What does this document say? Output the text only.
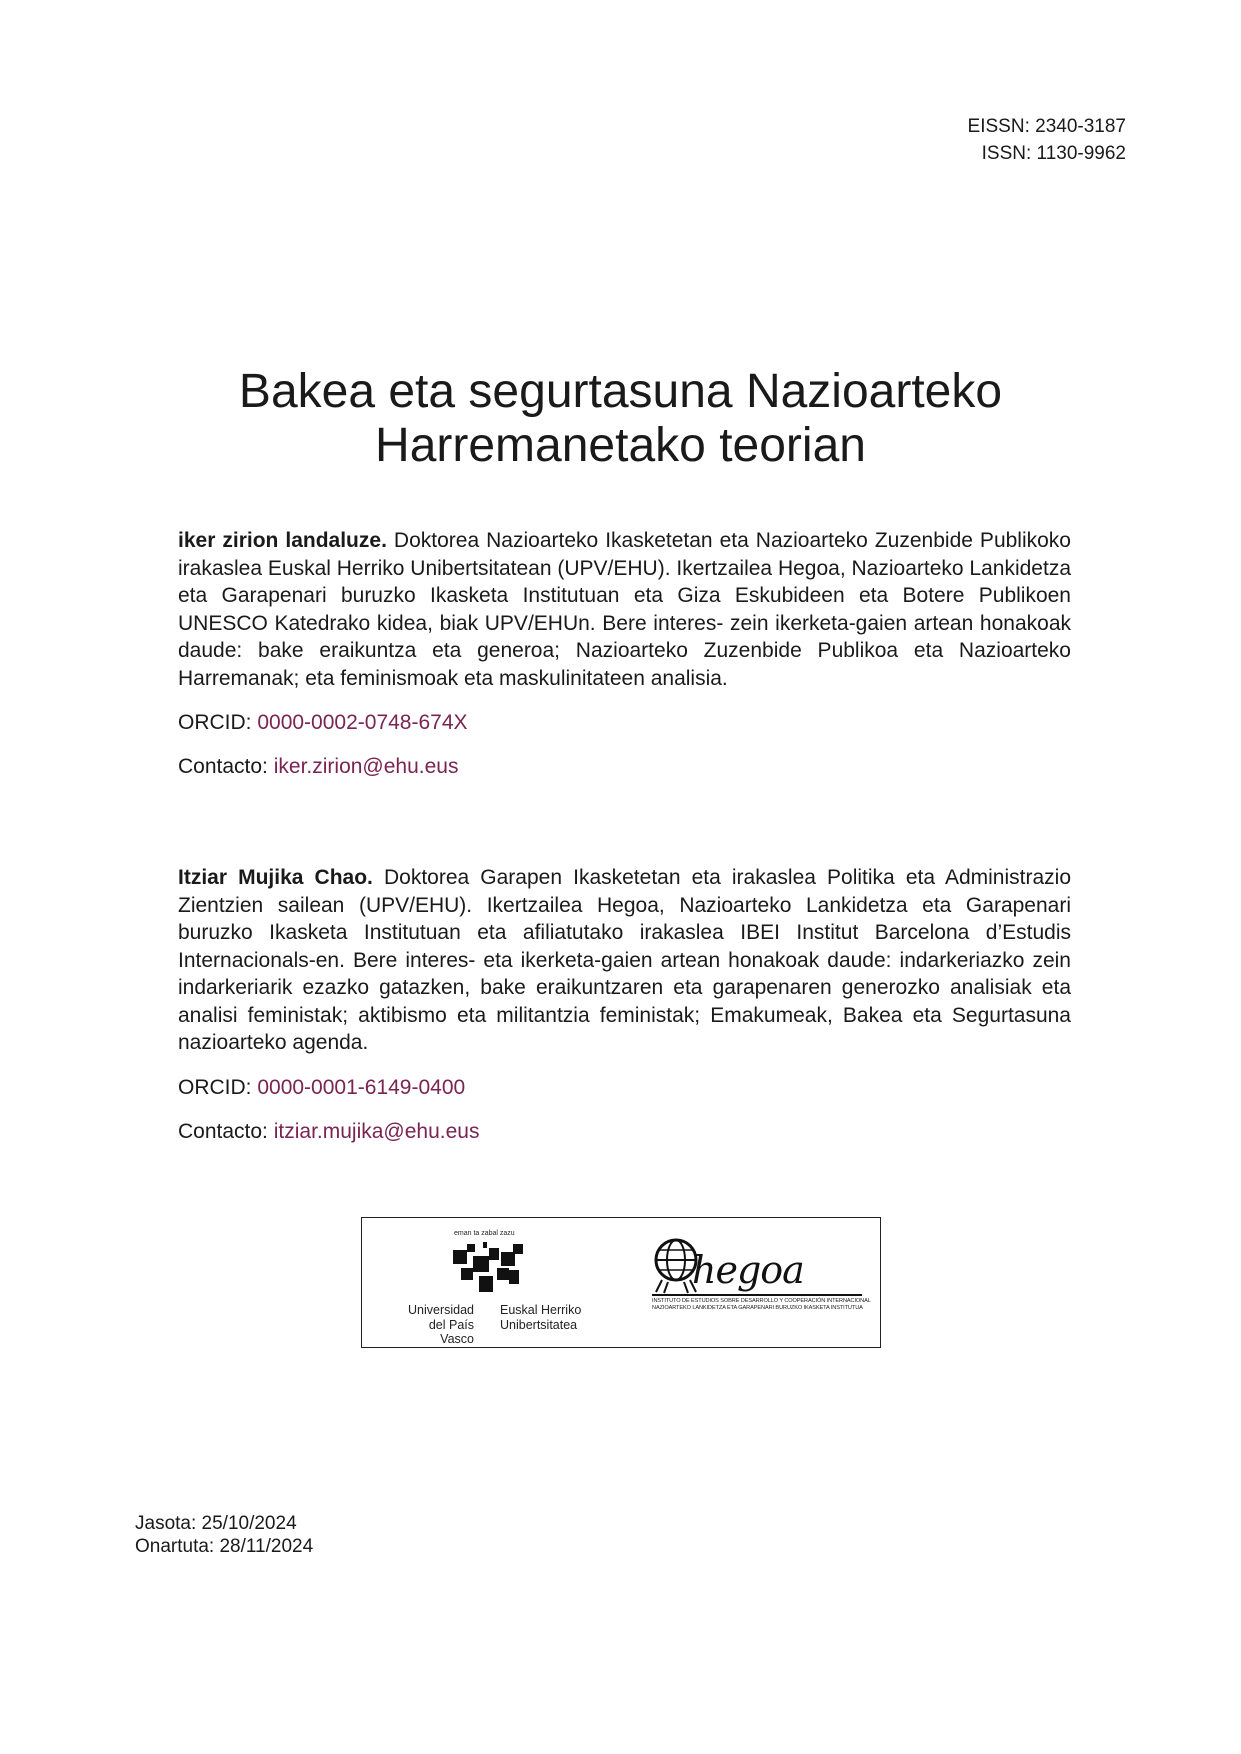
EISSN: 2340-3187
ISSN: 1130-9962
Bakea eta segurtasuna Nazioarteko
Harremanetako teorian

iker zirion landaluze. Doktorea Nazioarteko Ikasketetan eta Nazioarteko Zuzenbide Publikoko irakaslea Euskal Herriko Unibertsitatean (UPV/EHU). Ikertzailea Hegoa, Nazioarteko Lankidetza eta Garapenari buruzko Ikasketa Institutuan eta Giza Eskubideen eta Botere Publikoen UNESCO Katedrako kidea, biak UPV/EHUn. Bere interes- zein ikerketa-gaien artean honakoak daude: bake eraikuntza eta generoa; Nazioarteko Zuzenbide Publikoa eta Nazioarteko Harremanak; eta feminismoak eta maskulinitateen analisia.

ORCID: 0000-0002-0748-674X
Contacto: iker.zirion@ehu.eus

Itziar Mujika Chao. Doktorea Garapen Ikasketetan eta irakaslea Politika eta Administrazio Zientzien sailean (UPV/EHU). Ikertzailea Hegoa, Nazioarteko Lankidetza eta Garapenari buruzko Ikasketa Institutuan eta afiliatutako irakaslea IBEI Institut Barcelona d’Estudis Internacionals-en. Bere interes- eta ikerketa-gaien artean honakoak daude: indarkeriazko zein indarkeriarik ezazko gatazken, bake eraikuntzaren eta garapenaren generozko analisiak eta analisi feministak; aktibismo eta militantzia feministak; Emakumeak, Bakea eta Segurtasuna nazioarteko agenda.

ORCID: 0000-0001-6149-0400
Contacto: itziar.mujika@ehu.eus
eman ta zabal zazu
Universidad
del País Vasco
Euskal Herriko
Unibertsitatea
hegoa
INSTITUTO DE ESTUDIOS SOBRE DESARROLLO Y COOPERACIÓN INTERNACIONAL
NAZIOARTEKO LANKIDETZA ETA GARAPENARI BURUZKO IKASKETA INSTITUTUA
Jasota: 25/10/2024
Onartuta: 28/11/2024
